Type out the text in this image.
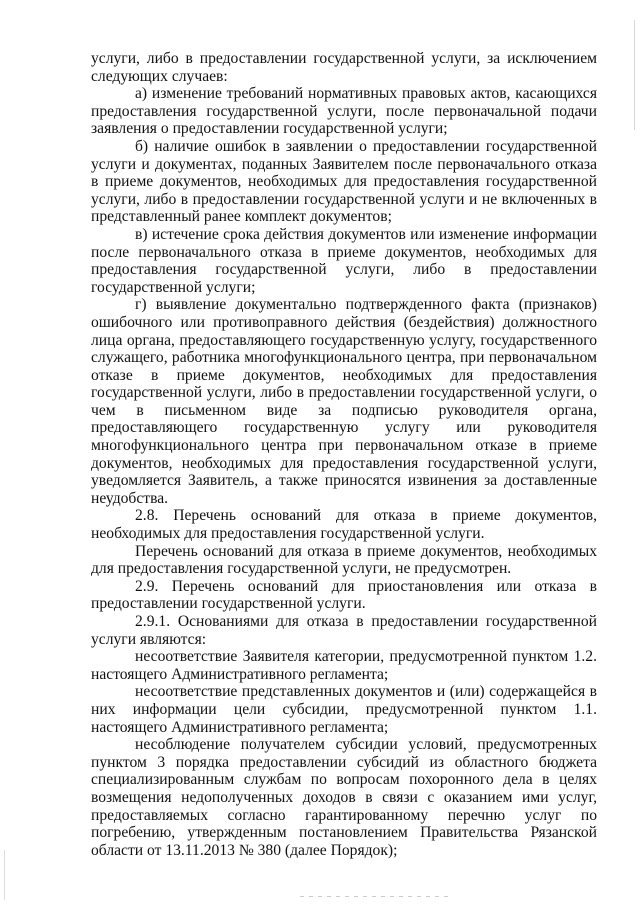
услуги, либо в предоставлении государственной услуги, за исключением следующих случаев:

а) изменение требований нормативных правовых актов, касающихся предоставления государственной услуги, после первоначальной подачи заявления о предоставлении государственной услуги;

б) наличие ошибок в заявлении о предоставлении государственной услуги и документах, поданных Заявителем после первоначального отказа в приеме документов, необходимых для предоставления государственной услуги, либо в предоставлении государственной услуги и не включенных в представленный ранее комплект документов;

в) истечение срока действия документов или изменение информации после первоначального отказа в приеме документов, необходимых для предоставления государственной услуги, либо в предоставлении государственной услуги;

г) выявление документально подтвержденного факта (признаков) ошибочного или противоправного действия (бездействия) должностного лица органа, предоставляющего государственную услугу, государственного служащего, работника многофункционального центра, при первоначальном отказе в приеме документов, необходимых для предоставления государственной услуги, либо в предоставлении государственной услуги, о чем в письменном виде за подписью руководителя органа, предоставляющего государственную услугу или руководителя многофункционального центра при первоначальном отказе в приеме документов, необходимых для предоставления государственной услуги, уведомляется Заявитель, а также приносятся извинения за доставленные неудобства.

2.8. Перечень оснований для отказа в приеме документов, необходимых для предоставления государственной услуги.

Перечень оснований для отказа в приеме документов, необходимых для предоставления государственной услуги, не предусмотрен.

2.9. Перечень оснований для приостановления или отказа в предоставлении государственной услуги.

2.9.1. Основаниями для отказа в предоставлении государственной услуги являются:

несоответствие Заявителя категории, предусмотренной пунктом 1.2. настоящего Административного регламента;

несоответствие представленных документов и (или) содержащейся в них информации цели субсидии, предусмотренной пунктом 1.1. настоящего Административного регламента;

несоблюдение получателем субсидии условий, предусмотренных пунктом 3 порядка предоставлении субсидий из областного бюджета специализированным службам по вопросам похоронного дела в целях возмещения недополученных доходов в связи с оказанием ими услуг, предоставляемых согласно гарантированному перечню услуг по погребению, утвержденным постановлением Правительства Рязанской области от 13.11.2013 № 380 (далее Порядок);
